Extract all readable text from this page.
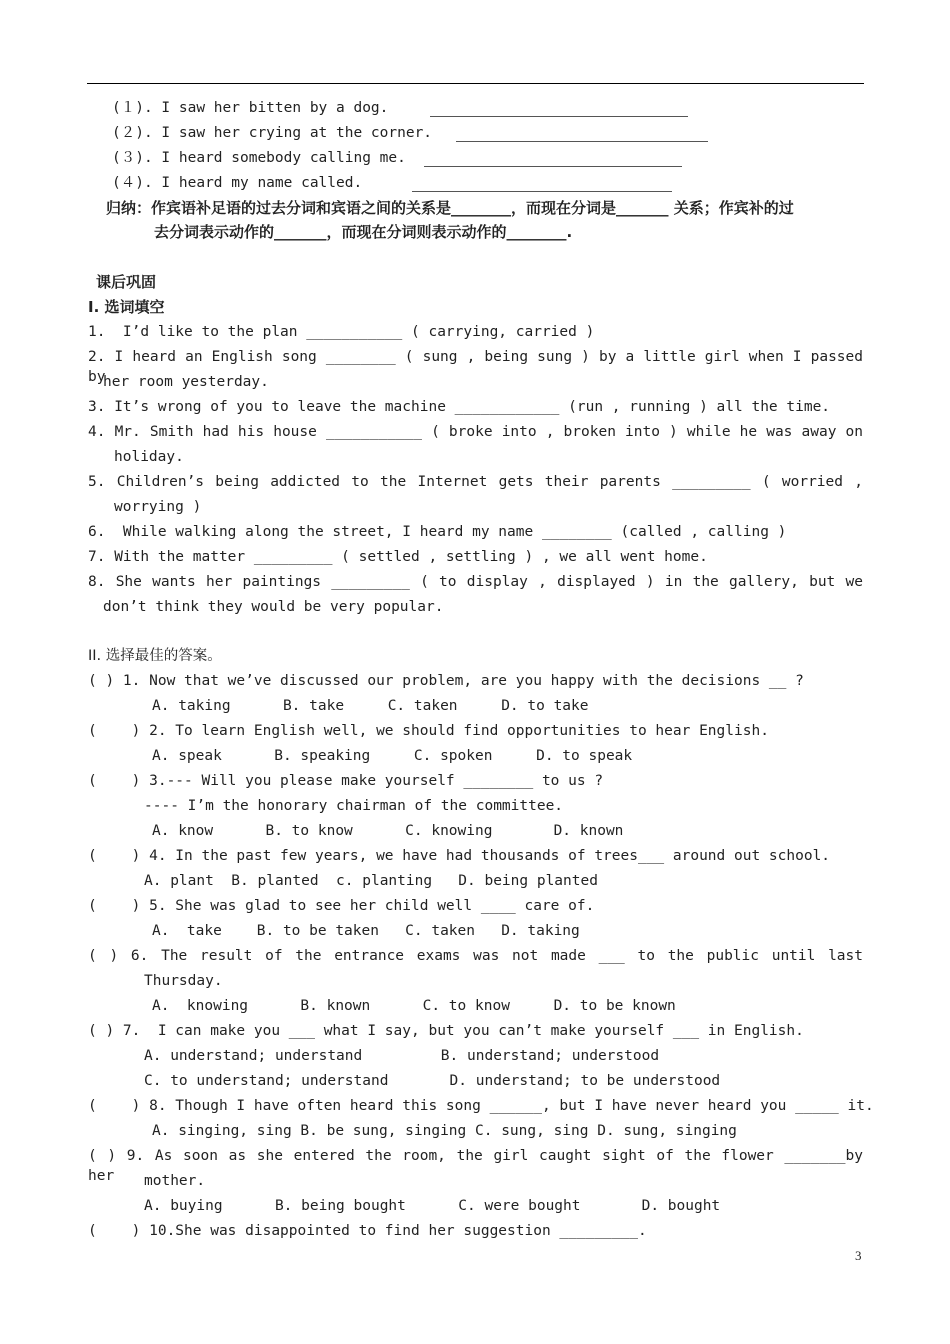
(１). I saw her bitten by a dog.
(２). I saw her crying at the corner.
(３). I heard somebody calling me.
(４). I heard my name called.
归纳：作宾语补足语的过去分词和宾语之间的关系是________，而现在分词是_______ 关系；作宾补的过
去分词表示动作的_______，而现在分词则表示动作的________.
课后巩固
I. 选词填空
1.  I’d like to the plan ___________ ( carrying, carried )
2. I heard an English song ________ ( sung , being sung ) by a little girl when I passed by
her room yesterday.
3. It’s wrong of you to leave the machine ____________ (run , running ) all the time.
4. Mr. Smith had his house ___________ ( broke into , broken into ) while he was away on
holiday.
5. Children’s being addicted to the Internet gets their parents _________ ( worried ,
worrying )
6.  While walking along the street, I heard my name ________ (called , calling )
7. With the matter _________ ( settled , settling ) , we all went home.
8. She wants her paintings _________ ( to display , displayed ) in the gallery, but we
don’t think they would be very popular.
II. 选择最佳的答案。
( ) 1. Now that we’ve discussed our problem, are you happy with the decisions __ ?
A. taking      B. take     C. taken     D. to take
(    ) 2. To learn English well, we should find opportunities to hear English.
A. speak      B. speaking     C. spoken     D. to speak
(    ) 3.--- Will you please make yourself ________ to us ?
---- I’m the honorary chairman of the committee.
A. know      B. to know      C. knowing       D. known
(    ) 4. In the past few years, we have had thousands of trees___ around out school.
A. plant  B. planted  c. planting   D. being planted
(    ) 5. She was glad to see her child well ____ care of.
A.  take    B. to be taken   C. taken   D. taking
( ) 6. The result of the entrance exams was not made ___ to the public until last
Thursday.
A.  knowing      B. known      C. to know     D. to be known
( ) 7.  I can make you ___ what I say, but you can’t make yourself ___ in English.
A. understand; understand         B. understand; understood
C. to understand; understand       D. understand; to be understood
(    ) 8. Though I have often heard this song ______, but I have never heard you _____ it.
A. singing, sing B. be sung, singing C. sung, sing D. sung, singing
( ) 9. As soon as she entered the room, the girl caught sight of the flower _______by her	mother.
A. buying      B. being bought      C. were bought       D. bought
(    ) 10.She was disappointed to find her suggestion _________.
3
